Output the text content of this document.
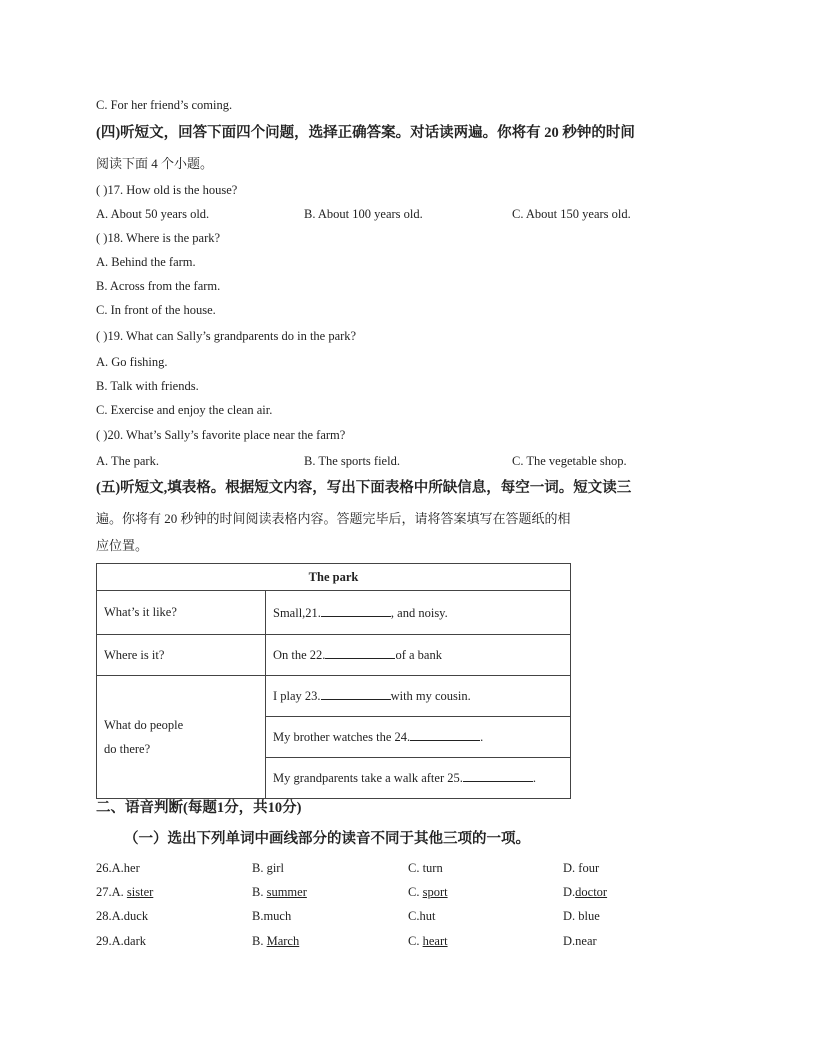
C. For her friend’s coming.
(四)听短文，回答下面四个问题，选择正确答案。对话读两遍。你将有 20 秒钟的时间
阅读下面 4 个小题。
( )17. How old is the house?
A. About 50 years old.	B. About 100 years old.	C. About 150 years old.
( )18. Where is the park?
A. Behind the farm.
B. Across from the farm.
C. In front of the house.
( )19. What can Sally’s grandparents do in the park?
A. Go fishing.
B. Talk with friends.
C. Exercise and enjoy the clean air.
( )20. What’s Sally’s favorite place near the farm?
A. The park.	B. The sports field.	C. The vegetable shop.
(五)听短文,填表格。根据短文内容，写出下面表格中所缺信息，每空一词。短文读三
遍。你将有 20 秒钟的时间阅读表格内容。答题完毕后，请将答案填写在答题纸的相
应位置。
The park	
What’s it like?	Small,21. , and noisy.
Where is it?	On the 22. of a bank
What do people
do there?	I play 23. with my cousin.
	My brother watches the 24. .
	My grandparents take a walk after 25. .
二、语音判断(每题1分，共10分)
（一）选出下列单词中画线部分的读音不同于其他三项的一项。
26.A.her	B. girl	C. turn	D. four
27.A. sister	B. summer	C. sport	D.doctor
28.A.duck	B.much	C.hut	D. blue
29.A.dark	B. March	C. heart	D.near
